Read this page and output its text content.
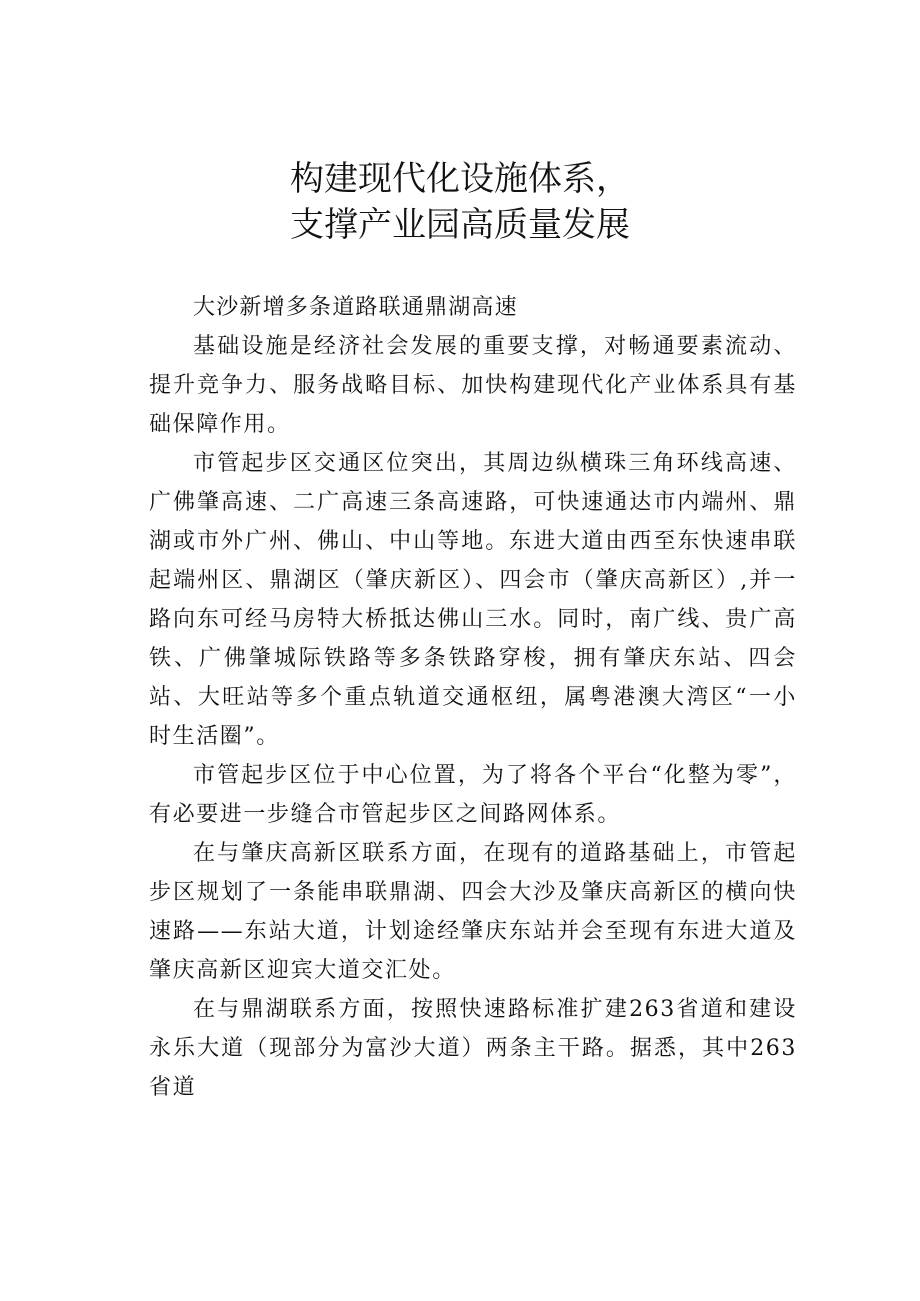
构建现代化设施体系，
支撑产业园高质量发展

大沙新增多条道路联通鼎湖高速

基础设施是经济社会发展的重要支撑，对畅通要素流动、提升竞争力、服务战略目标、加快构建现代化产业体系具有基础保障作用。

市管起步区交通区位突出，其周边纵横珠三角环线高速、广佛肇高速、二广高速三条高速路，可快速通达市内端州、鼎湖或市外广州、佛山、中山等地。东进大道由西至东快速串联起端州区、鼎湖区（肇庆新区）、四会市（肇庆高新区）,并一路向东可经马房特大桥抵达佛山三水。同时，南广线、贵广高铁、广佛肇城际铁路等多条铁路穿梭，拥有肇庆东站、四会站、大旺站等多个重点轨道交通枢纽，属粤港澳大湾区“一小时生活圈”。

市管起步区位于中心位置，为了将各个平台“化整为零”，有必要进一步缝合市管起步区之间路网体系。

在与肇庆高新区联系方面，在现有的道路基础上，市管起步区规划了一条能串联鼎湖、四会大沙及肇庆高新区的横向快速路——东站大道，计划途经肇庆东站并会至现有东进大道及肇庆高新区迎宾大道交汇处。

在与鼎湖联系方面，按照快速路标准扩建263省道和建设永乐大道（现部分为富沙大道）两条主干路。据悉，其中263省道
